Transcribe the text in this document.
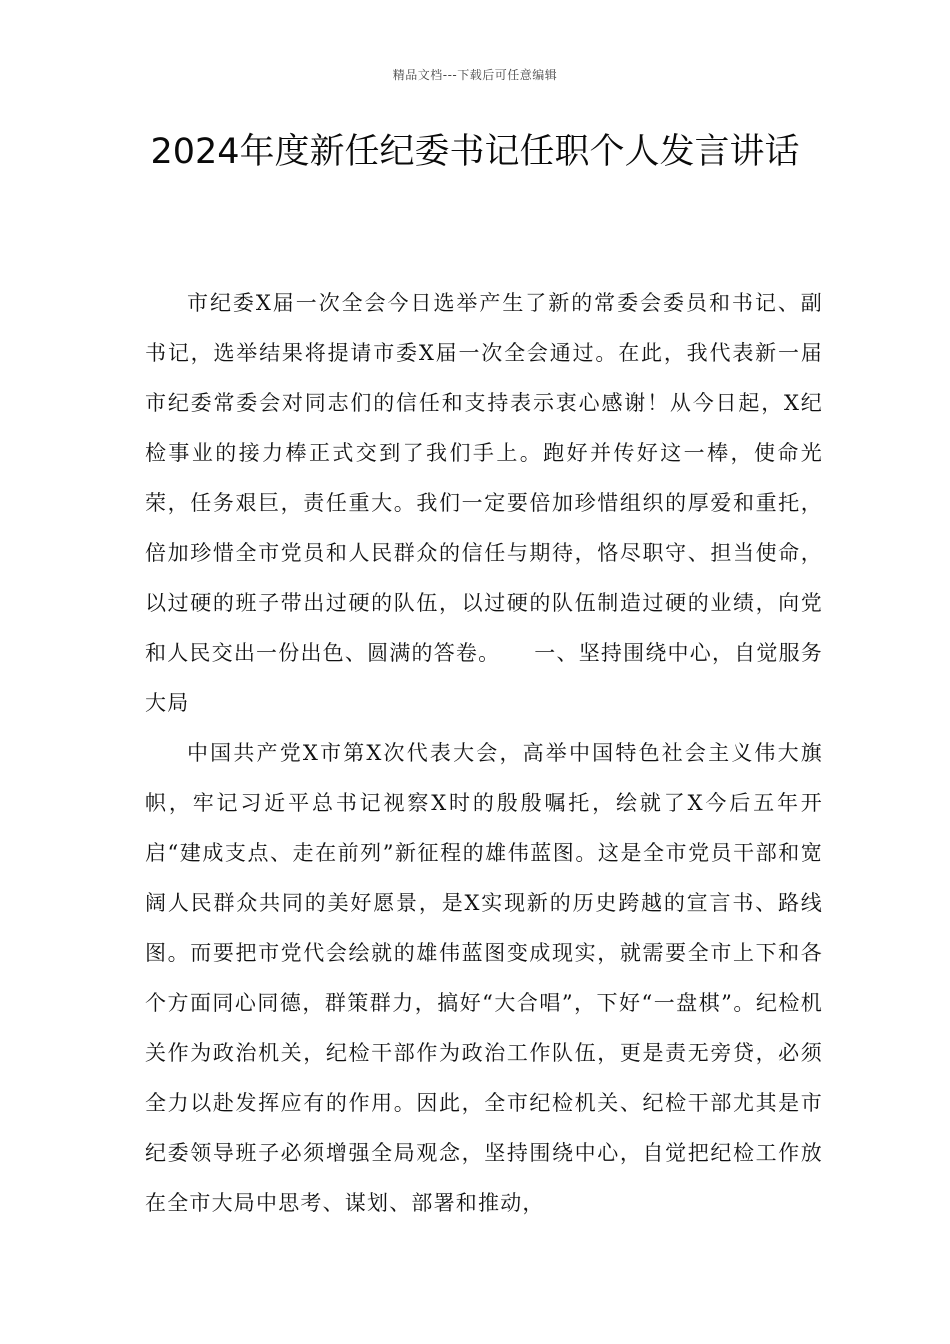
精品文档---下载后可任意编辑
2024年度新任纪委书记任职个人发言讲话

市纪委X届一次全会今日选举产生了新的常委会委员和书记、副书记，选举结果将提请市委X届一次全会通过。在此，我代表新一届市纪委常委会对同志们的信任和支持表示衷心感谢！从今日起，X纪检事业的接力棒正式交到了我们手上。跑好并传好这一棒，使命光荣，任务艰巨，责任重大。我们一定要倍加珍惜组织的厚爱和重托，倍加珍惜全市党员和人民群众的信任与期待，恪尽职守、担当使命，以过硬的班子带出过硬的队伍，以过硬的队伍制造过硬的业绩，向党和人民交出一份出色、圆满的答卷。　　一、坚持围绕中心，自觉服务大局

中国共产党X市第X次代表大会，高举中国特色社会主义伟大旗帜，牢记习近平总书记视察X时的殷殷嘱托，绘就了X今后五年开启“建成支点、走在前列”新征程的雄伟蓝图。这是全市党员干部和宽阔人民群众共同的美好愿景，是X实现新的历史跨越的宣言书、路线图。而要把市党代会绘就的雄伟蓝图变成现实，就需要全市上下和各个方面同心同德，群策群力，搞好“大合唱”，下好“一盘棋”。纪检机关作为政治机关，纪检干部作为政治工作队伍，更是责无旁贷，必须全力以赴发挥应有的作用。因此，全市纪检机关、纪检干部尤其是市纪委领导班子必须增强全局观念，坚持围绕中心，自觉把纪检工作放在全市大局中思考、谋划、部署和推动，
